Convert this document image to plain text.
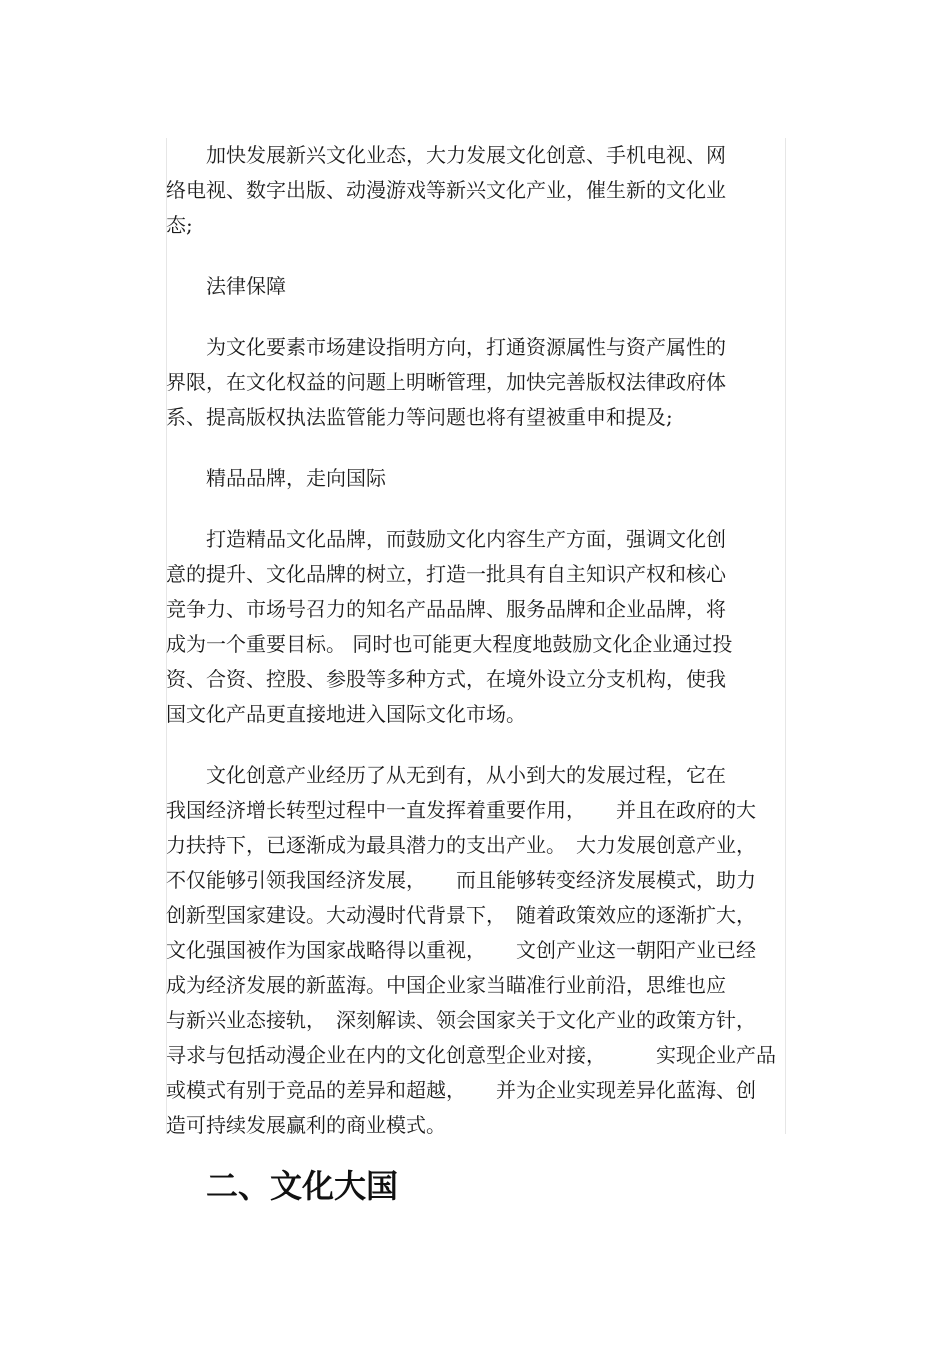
加快发展新兴文化业态，大力发展文化创意、手机电视、网
络电视、数字出版、动漫游戏等新兴文化产业，催生新的文化业
态;

法律保障

为文化要素市场建设指明方向，打通资源属性与资产属性的
界限，在文化权益的问题上明晰管理，加快完善版权法律政府体
系、提高版权执法监管能力等问题也将有望被重申和提及;

精品品牌，走向国际

打造精品文化品牌，而鼓励文化内容生产方面，强调文化创
意的提升、文化品牌的树立，打造一批具有自主知识产权和核心
竞争力、市场号召力的知名产品品牌、服务品牌和企业品牌，将
成为一个重要目标。 同时也可能更大程度地鼓励文化企业通过投
资、合资、控股、参股等多种方式，在境外设立分支机构，使我
国文化产品更直接地进入国际文化市场。

文化创意产业经历了从无到有，从小到大的发展过程，它在
我国经济增长转型过程中一直发挥着重要作用，　　并且在政府的大
力扶持下，已逐渐成为最具潜力的支出产业。　大力发展创意产业，
不仅能够引领我国经济发展，　　而且能够转变经济发展模式，助力
创新型国家建设。大动漫时代背景下，　随着政策效应的逐渐扩大，
文化强国被作为国家战略得以重视，　　文创产业这一朝阳产业已经
成为经济发展的新蓝海。中国企业家当瞄准行业前沿，思维也应
与新兴业态接轨，　深刻解读、领会国家关于文化产业的政策方针，
寻求与包括动漫企业在内的文化创意型企业对接，　　　实现企业产品
或模式有别于竞品的差异和超越，　　并为企业实现差异化蓝海、创
造可持续发展赢利的商业模式。

二、文化大国
